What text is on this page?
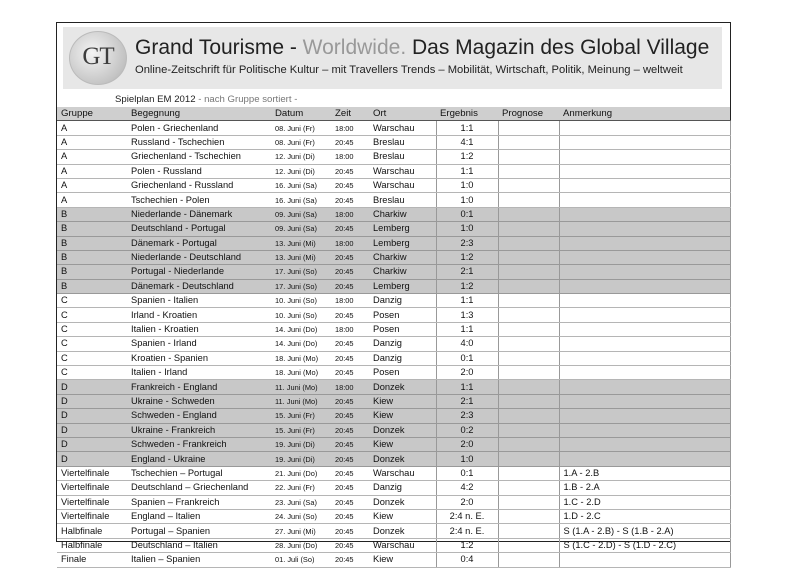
GT	Grand Tourisme - Worldwide. Das Magazin des Global Village
Online-Zeitschrift für Politische Kultur – mit Travellers Trends – Mobilität, Wirtschaft, Politik, Meinung – weltweit
Spielplan EM 2012 - nach Gruppe sortiert -
Gruppe	Begegnung	Datum	Zeit	Ort	Ergebnis	Prognose	Anmerkung
A	Polen - Griechenland	08. Juni (Fr)	18:00	Warschau	1:1		
A	Russland - Tschechien	08. Juni (Fr)	20:45	Breslau	4:1		
A	Griechenland - Tschechien	12. Juni (Di)	18:00	Breslau	1:2		
A	Polen - Russland	12. Juni (Di)	20:45	Warschau	1:1		
A	Griechenland - Russland	16. Juni (Sa)	20:45	Warschau	1:0		
A	Tschechien - Polen	16. Juni (Sa)	20:45	Breslau	1:0		
B	Niederlande - Dänemark	09. Juni (Sa)	18:00	Charkiw	0:1		
B	Deutschland - Portugal	09. Juni (Sa)	20:45	Lemberg	1:0		
B	Dänemark - Portugal	13. Juni (Mi)	18:00	Lemberg	2:3		
B	Niederlande - Deutschland	13. Juni (Mi)	20:45	Charkiw	1:2		
B	Portugal - Niederlande	17. Juni (So)	20:45	Charkiw	2:1		
B	Dänemark - Deutschland	17. Juni (So)	20:45	Lemberg	1:2		
C	Spanien - Italien	10. Juni (So)	18:00	Danzig	1:1		
C	Irland - Kroatien	10. Juni (So)	20:45	Posen	1:3		
C	Italien - Kroatien	14. Juni (Do)	18:00	Posen	1:1		
C	Spanien - Irland	14. Juni (Do)	20:45	Danzig	4:0		
C	Kroatien - Spanien	18. Juni (Mo)	20:45	Danzig	0:1		
C	Italien - Irland	18. Juni (Mo)	20:45	Posen	2:0		
D	Frankreich - England	11. Juni (Mo)	18:00	Donzek	1:1		
D	Ukraine - Schweden	11. Juni (Mo)	20:45	Kiew	2:1		
D	Schweden - England	15. Juni (Fr)	20:45	Kiew	2:3		
D	Ukraine - Frankreich	15. Juni (Fr)	20:45	Donzek	0:2		
D	Schweden - Frankreich	19. Juni (Di)	20:45	Kiew	2:0		
D	England - Ukraine	19. Juni (Di)	20:45	Donzek	1:0		
Viertelfinale	Tschechien – Portugal	21. Juni (Do)	20:45	Warschau	0:1		1.A - 2.B
Viertelfinale	Deutschland – Griechenland	22. Juni (Fr)	20:45	Danzig	4:2		1.B - 2.A
Viertelfinale	Spanien – Frankreich	23. Juni (Sa)	20:45	Donzek	2:0		1.C - 2.D
Viertelfinale	England – Italien	24. Juni (So)	20:45	Kiew	2:4 n. E.		1.D - 2.C
Halbfinale	Portugal – Spanien	27. Juni (Mi)	20:45	Donzek	2:4 n. E.		S (1.A - 2.B) - S (1.B - 2.A)
Halbfinale	Deutschland – Italien	28. Juni (Do)	20:45	Warschau	1:2		S (1.C - 2.D) - S (1.D - 2.C)
Finale	Italien – Spanien	01. Juli (So)	20:45	Kiew	0:4		
